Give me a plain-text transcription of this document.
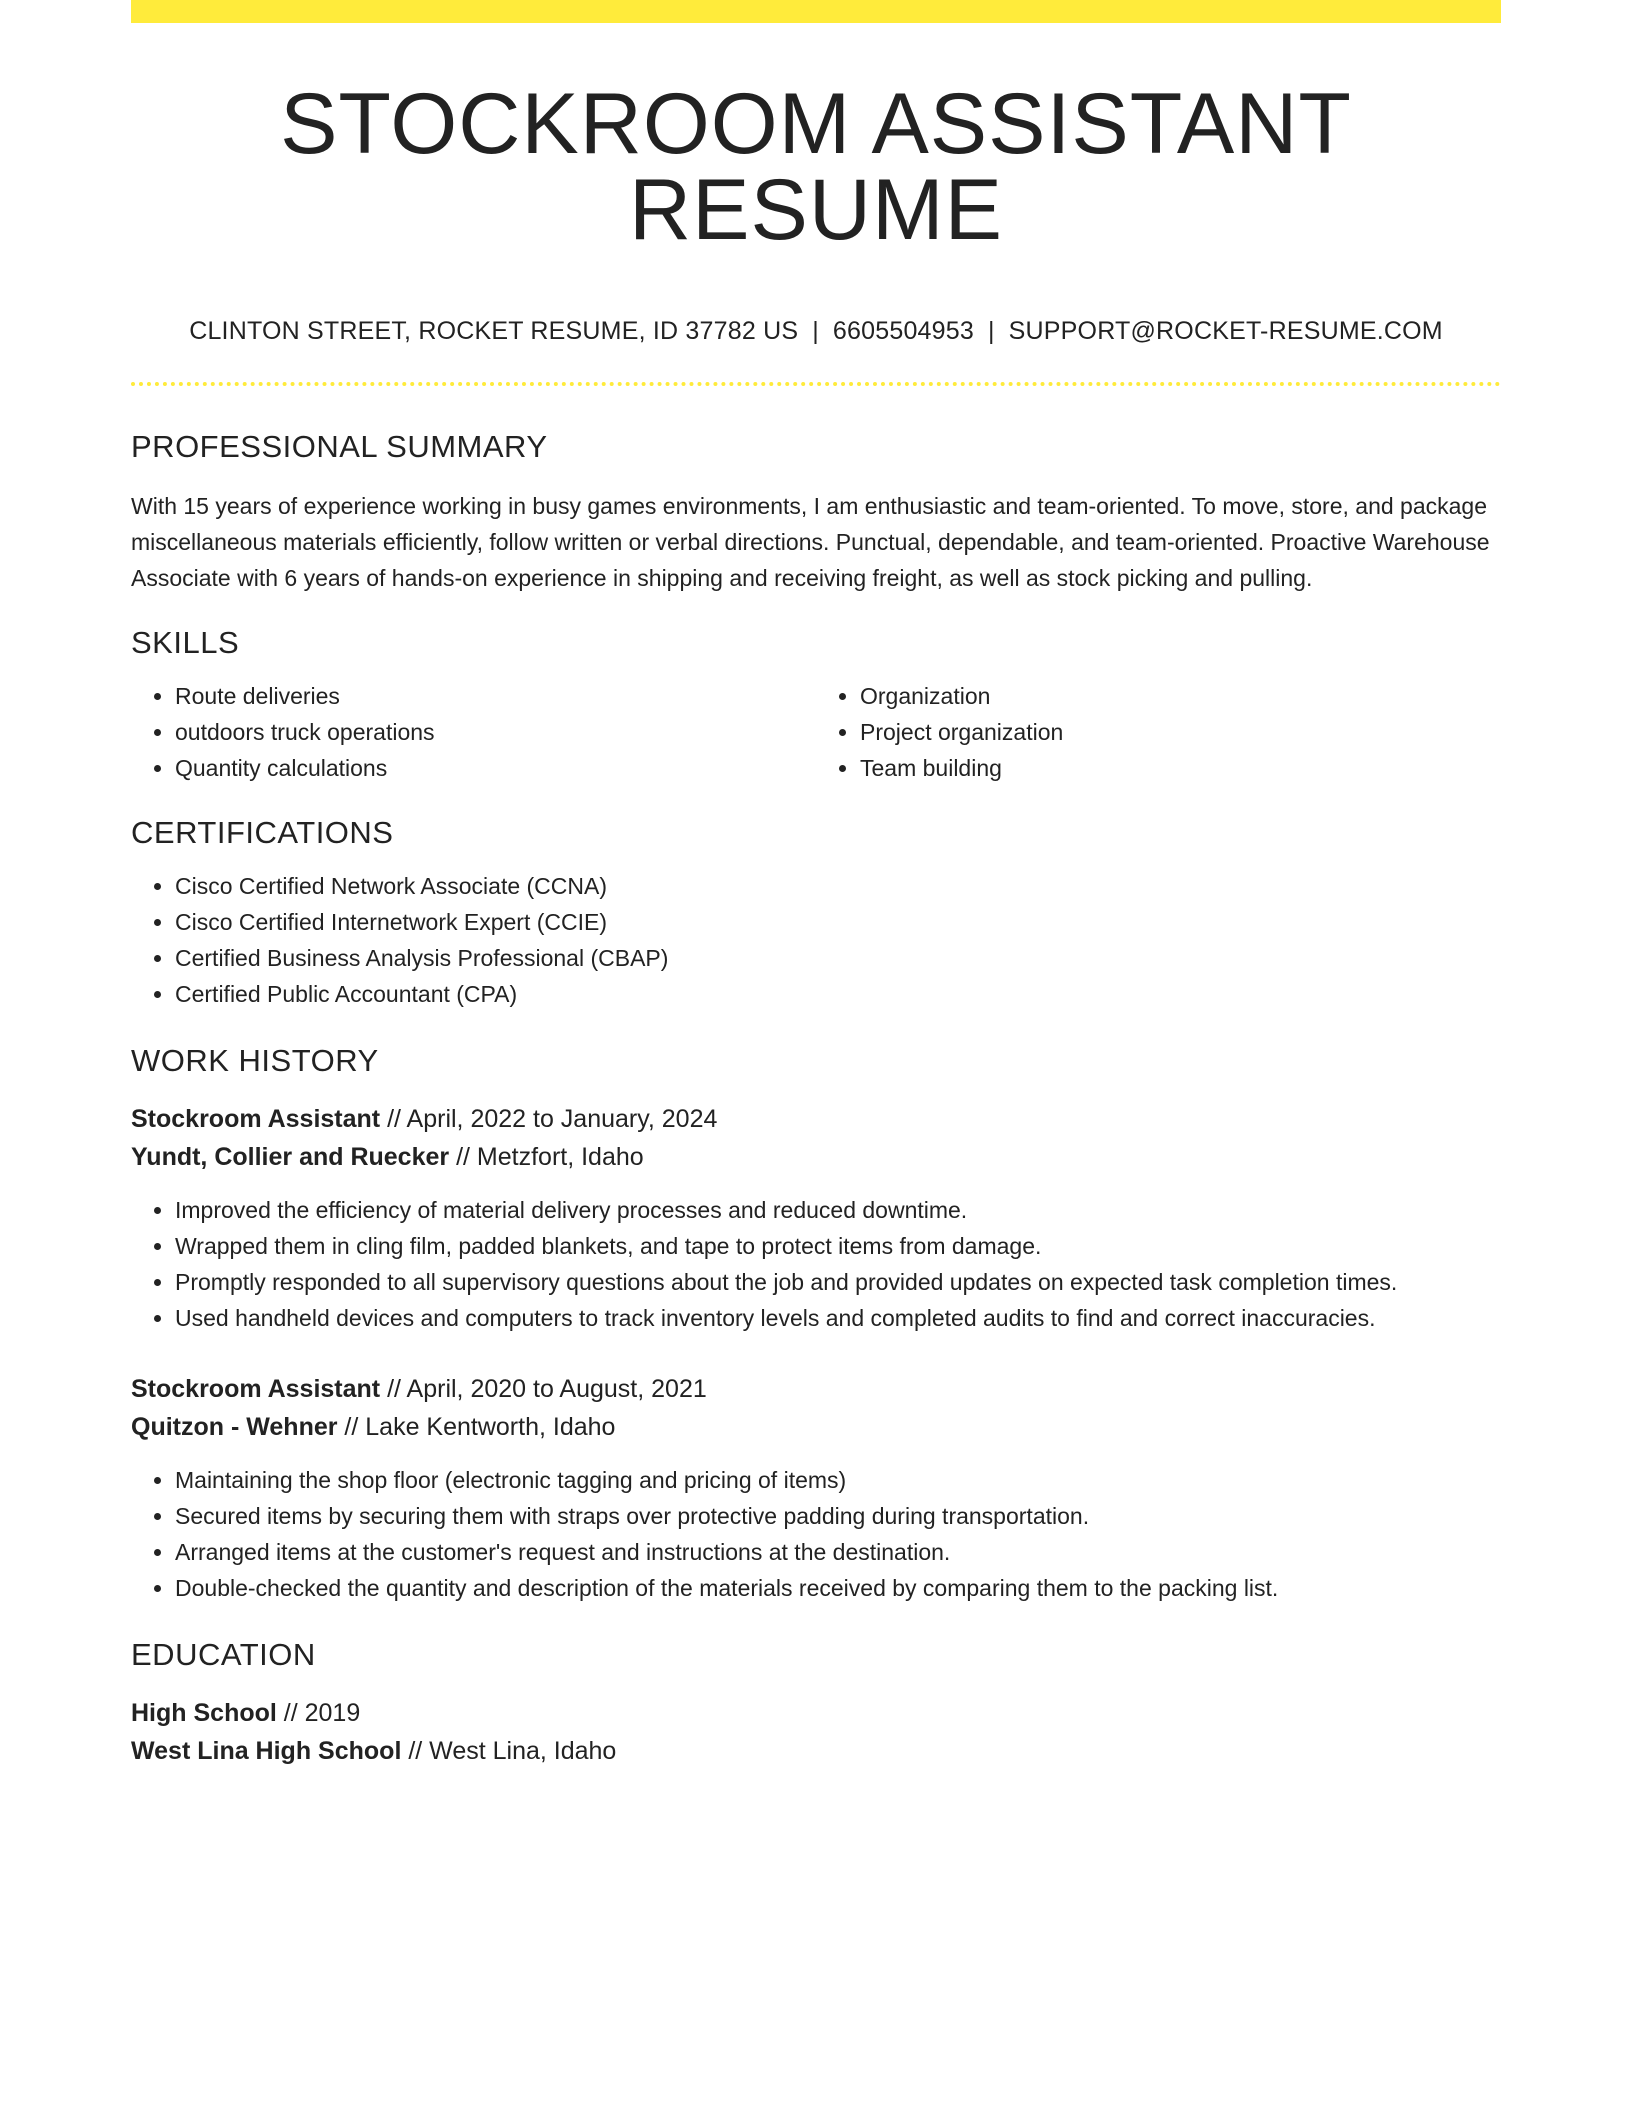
STOCKROOM ASSISTANT RESUME
CLINTON STREET, ROCKET RESUME, ID 37782 US | 6605504953 | SUPPORT@ROCKET-RESUME.COM
PROFESSIONAL SUMMARY

With 15 years of experience working in busy games environments, I am enthusiastic and team-oriented. To move, store, and package miscellaneous materials efficiently, follow written or verbal directions. Punctual, dependable, and team-oriented. Proactive Warehouse Associate with 6 years of hands-on experience in shipping and receiving freight, as well as stock picking and pulling.

SKILLS
• Route deliveries
• outdoors truck operations
• Quantity calculations
• Organization
• Project organization
• Team building
CERTIFICATIONS
• Cisco Certified Network Associate (CCNA)
• Cisco Certified Internetwork Expert (CCIE)
• Certified Business Analysis Professional (CBAP)
• Certified Public Accountant (CPA)
WORK HISTORY
Stockroom Assistant // April, 2022 to January, 2024
Yundt, Collier and Ruecker // Metzfort, Idaho
• Improved the efficiency of material delivery processes and reduced downtime.
• Wrapped them in cling film, padded blankets, and tape to protect items from damage.
• Promptly responded to all supervisory questions about the job and provided updates on expected task completion times.
• Used handheld devices and computers to track inventory levels and completed audits to find and correct inaccuracies.
Stockroom Assistant // April, 2020 to August, 2021
Quitzon - Wehner // Lake Kentworth, Idaho
• Maintaining the shop floor (electronic tagging and pricing of items)
• Secured items by securing them with straps over protective padding during transportation.
• Arranged items at the customer's request and instructions at the destination.
• Double-checked the quantity and description of the materials received by comparing them to the packing list.
EDUCATION
High School // 2019
West Lina High School // West Lina, Idaho
